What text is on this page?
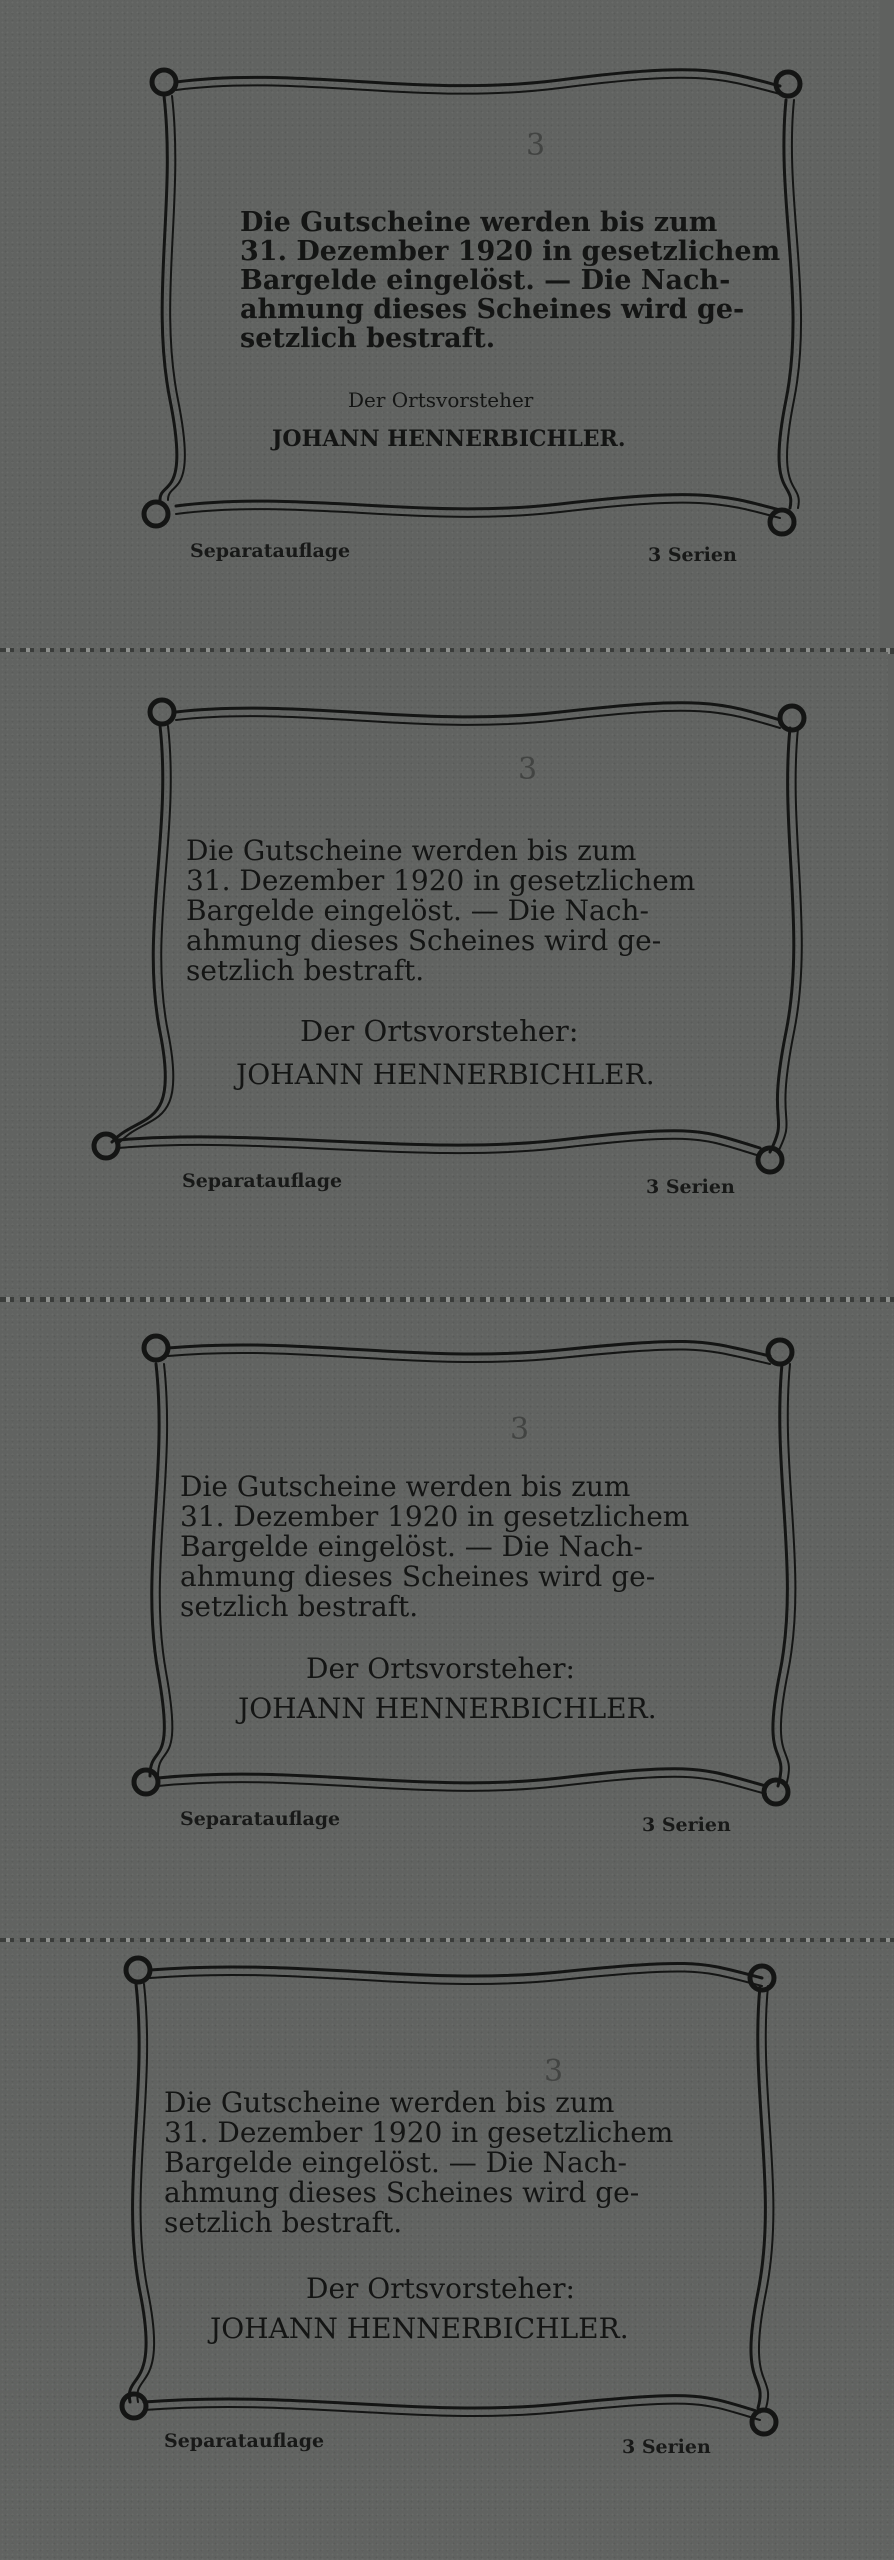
3

Die Gutscheine werden bis zum

31. Dezember 1920 in gesetzlichem

Bargelde eingelöst. — Die Nach-

ahmung dieses Scheines wird ge-

setzlich bestraft.

Der Ortsvorsteher
JOHANN HENNERBICHLER.
Separatauflage	3 Serien
3

Die Gutscheine werden bis zum

31. Dezember 1920 in gesetzlichem

Bargelde eingelöst. — Die Nach-

ahmung dieses Scheines wird ge-

setzlich bestraft.

Der Ortsvorsteher:
JOHANN HENNERBICHLER.
Separatauflage	3 Serien
3

Die Gutscheine werden bis zum

31. Dezember 1920 in gesetzlichem

Bargelde eingelöst. — Die Nach-

ahmung dieses Scheines wird ge-

setzlich bestraft.

Der Ortsvorsteher:
JOHANN HENNERBICHLER.
Separatauflage	3 Serien
3

Die Gutscheine werden bis zum

31. Dezember 1920 in gesetzlichem

Bargelde eingelöst. — Die Nach-

ahmung dieses Scheines wird ge-

setzlich bestraft.

Der Ortsvorsteher:
JOHANN HENNERBICHLER.
Separatauflage	3 Serien
